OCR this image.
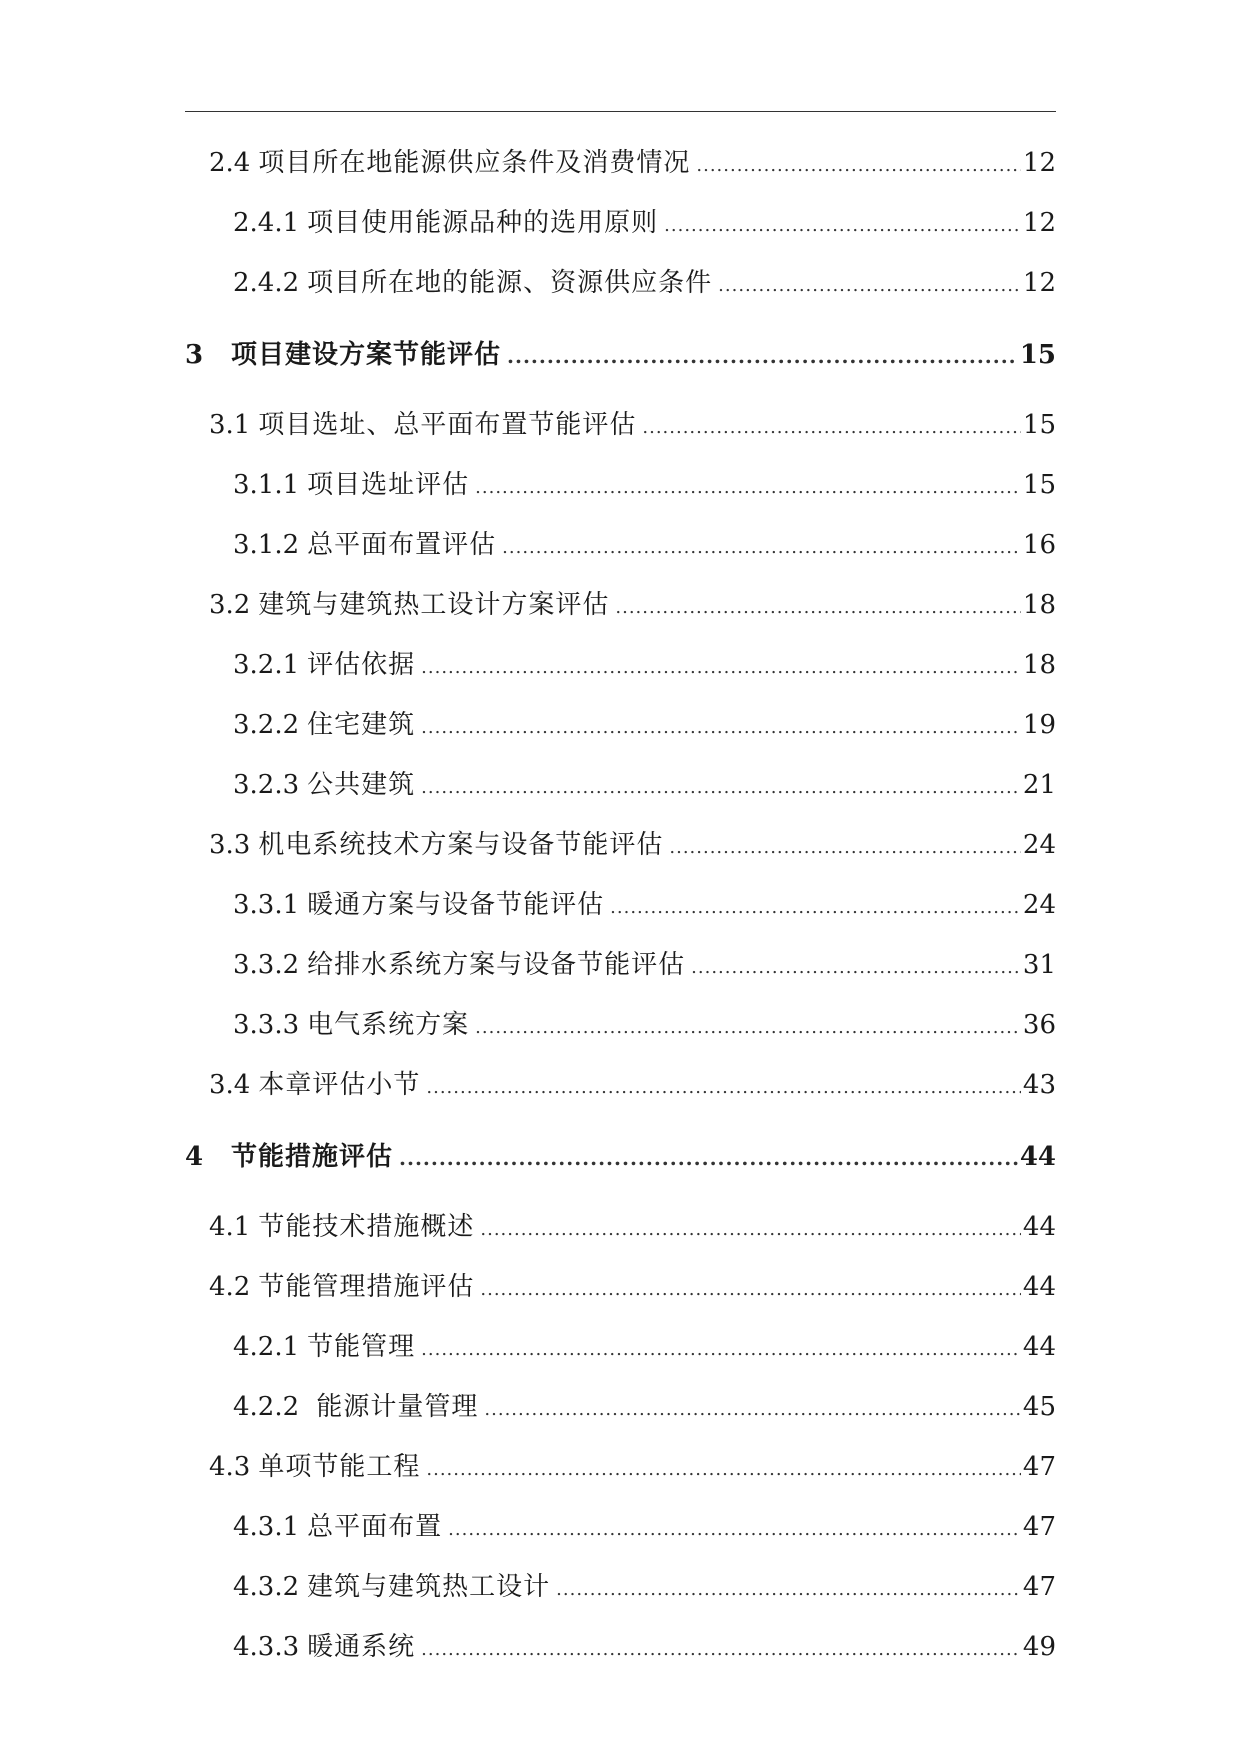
2.4 项目所在地能源供应条件及消费情况 .....	12
2.4.1 项目使用能源品种的选用原则 .....	12
2.4.2 项目所在地的能源、资源供应条件 .....	12
3	项目建设方案节能评估 .....	15
3.1 项目选址、总平面布置节能评估 .....	15
3.1.1 项目选址评估 .....	15
3.1.2 总平面布置评估 .....	16
3.2 建筑与建筑热工设计方案评估 .....	18
3.2.1 评估依据 .....	18
3.2.2 住宅建筑 .....	19
3.2.3 公共建筑 .....	21
3.3 机电系统技术方案与设备节能评估 .....	24
3.3.1 暖通方案与设备节能评估 .....	24
3.3.2 给排水系统方案与设备节能评估 .....	31
3.3.3 电气系统方案 .....	36
3.4 本章评估小节 .....	43
4	节能措施评估 .....	44
4.1 节能技术措施概述 .....	44
4.2 节能管理措施评估 .....	44
4.2.1 节能管理 .....	44
4.2.2 能源计量管理 .....	45
4.3 单项节能工程 .....	47
4.3.1 总平面布置 .....	47
4.3.2 建筑与建筑热工设计 .....	47
4.3.3 暖通系统 .....	49
